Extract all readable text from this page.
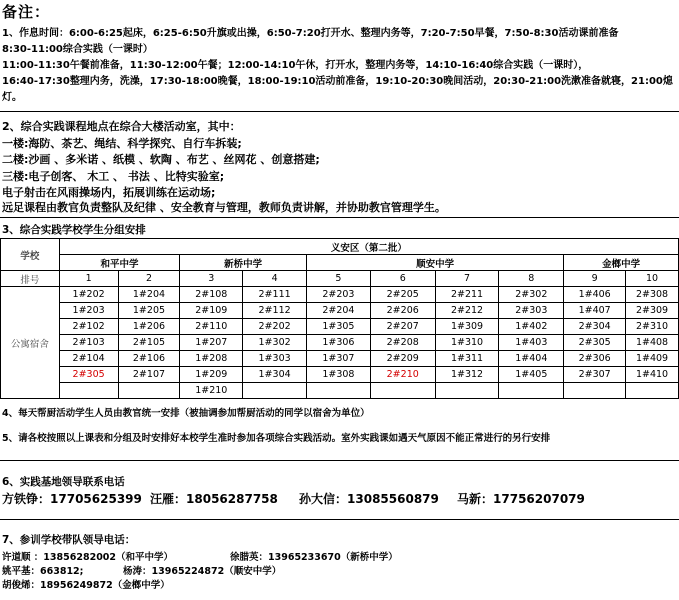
备注：
1、作息时间：6:00-6:25起床，6:25-6:50升旗或出操，6:50-7:20打开水、整理内务等，7:20-7:50早餐，7:50-8:30活动课前准备
8:30-11:00综合实践（一课时）
11:00-11:30午餐前准备，11:30-12:00午餐；12:00-14:10午休，打开水，整理内务等，14:10-16:40综合实践（一课时），
16:40-17:30整理内务，洗澡，17:30-18:00晚餐，18:00-19:10活动前准备，19:10-20:30晚间活动，20:30-21:00洗漱准备就寝，21:00熄
灯。
2、综合实践课程地点在综合大楼活动室，其中：
一楼:海防、茶艺、绳结、科学探究、自行车拆装;
二楼:沙画 、多米诺 、纸模 、软陶 、布艺 、丝网花 、创意搭建;
三楼:电子创客、 木工 、 书法 、比特实验室;
电子射击在风雨操场内，拓展训练在运动场;
远足课程由教官负责整队及纪律 、安全教育与管理，教师负责讲解，并协助教官管理学生。
3、综合实践学校学生分组安排
学校	义安区（第二批）									
	和平中学		新桥中学		顺安中学				金榔中学	
排号	1	2	3	4	5	6	7	8	9	10
公寓宿舍	1#202	1#204	2#108	2#111	2#203	2#205	2#211	2#302	1#406	2#308
	1#203	1#205	2#109	2#112	2#204	2#206	2#212	2#303	1#407	2#309
	2#102	1#206	2#110	2#202	1#305	2#207	1#309	1#402	2#304	2#310
	2#103	2#105	1#207	1#302	1#306	2#208	1#310	1#403	2#305	1#408
	2#104	2#106	1#208	1#303	1#307	2#209	1#311	1#404	2#306	1#409
	2#305	2#107	1#209	1#304	1#308	2#210	1#312	1#405	2#307	1#410
			1#210							
4、每天帮厨活动学生人员由教官统一安排（被抽调参加帮厨活动的同学以宿舍为单位）
5、请各校按照以上课表和分组及时安排好本校学生准时参加各项综合实践活动。室外实践课如遇天气原因不能正常进行的另行安排
6、实践基地领导联系电话
方铁铮：17705625399 汪雁：18056287758 孙大信：13085560879 马新：17756207079
7、参训学校带队领导电话：
许道顺 ：13856282002（和平中学）	徐腊英：13965233670（新桥中学）
姚平基：663812;	杨涛：13965224872（顺安中学）
胡俊烯：18956249872（金榔中学）
